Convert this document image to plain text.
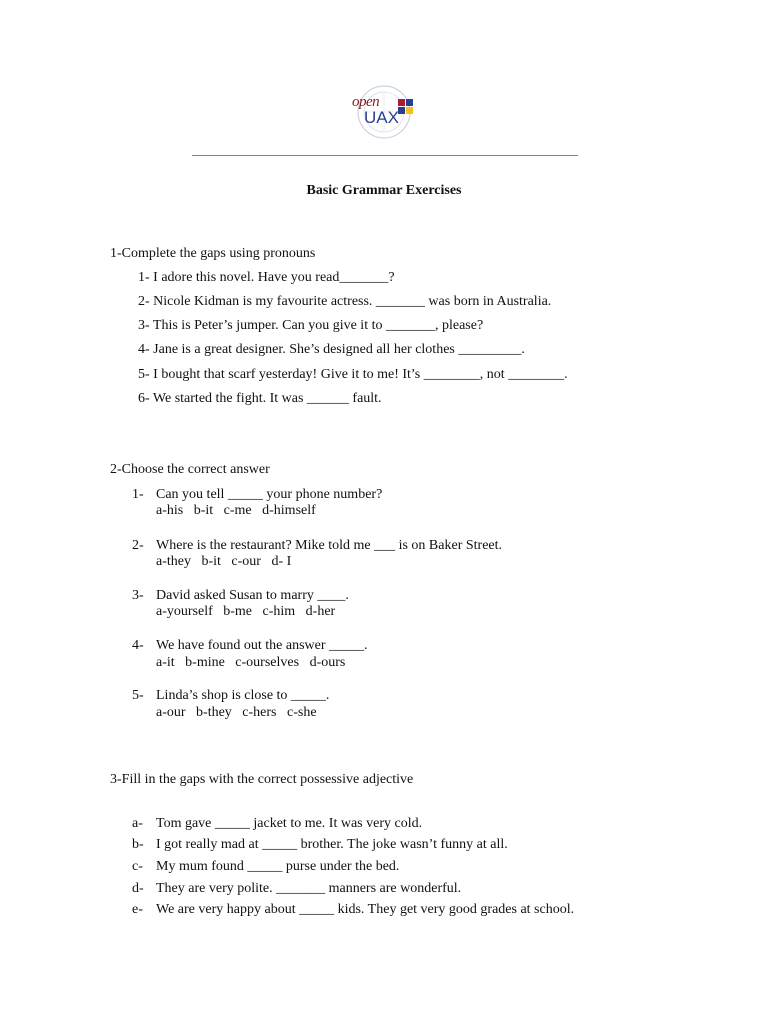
open
UAX
Basic Grammar Exercises
1-Complete the gaps using pronouns
1- I adore this novel. Have you read_______?
2- Nicole Kidman is my favourite actress. _______ was born in Australia.
3- This is Peter’s jumper. Can you give it to _______, please?
4- Jane is a great designer. She’s designed all her clothes _________.
5- I bought that scarf yesterday! Give it to me! It’s ________, not ________.
6- We started the fight. It was ______ fault.
2-Choose the correct answer
1- Can you tell _____ your phone number?
a-his   b-it   c-me   d-himself
2- Where is the restaurant? Mike told me ___ is on Baker Street.
a-they   b-it   c-our   d- I
3- David asked Susan to marry ____.
a-yourself   b-me   c-him   d-her
4- We have found out the answer _____.
a-it   b-mine   c-ourselves   d-ours
5- Linda’s shop is close to _____.
a-our   b-they   c-hers   c-she
3-Fill in the gaps with the correct possessive adjective
a- Tom gave _____ jacket to me. It was very cold.
b- I got really mad at _____ brother. The joke wasn’t funny at all.
c- My mum found _____ purse under the bed.
d- They are very polite. _______ manners are wonderful.
e- We are very happy about _____ kids. They get very good grades at school.
